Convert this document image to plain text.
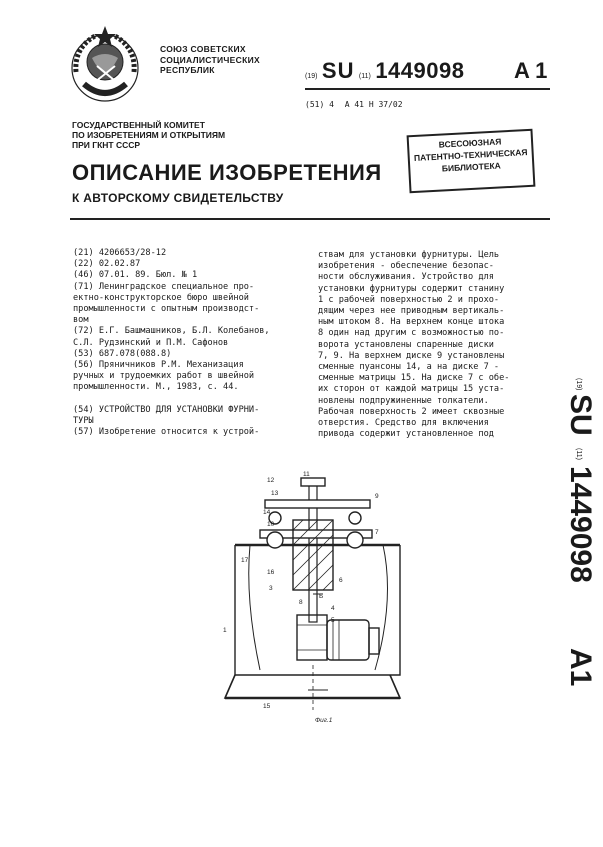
СОЮЗ СОВЕТСКИХ
СОЦИАЛИСТИЧЕСКИХ
РЕСПУБЛИК
(19) SU (11) 1449098 A 1
(51) 4 A 41 H 37/02
ГОСУДАРСТВЕННЫЙ КОМИТЕТ
ПО ИЗОБРЕТЕНИЯМ И ОТКРЫТИЯМ
ПРИ ГКНТ СССР	ВСЕСОЮЗНАЯ
ПАТЕНТНО-ТЕХНИЧЕСКАЯ
БИБЛИОТЕКА
ОПИСАНИЕ ИЗОБРЕТЕНИЯ
К АВТОРСКОМУ СВИДЕТЕЛЬСТВУ

(21) 4206653/28-12

(22) 02.02.87

(46) 07.01. 89. Бюл. № 1

(71) Ленинградское специальное про-

ектно-конструкторское бюро швейной

промышленности с опытным производст-

вом

(72) Е.Г. Башмашников, Б.Л. Колебанов,

С.Л. Рудзинский и П.М. Сафонов

(53) 687.078(088.8)

(56) Пряничников Р.М. Механизация

ручных и трудоемких работ в швейной

промышленности. М., 1983, с. 44.

(54) УСТРОЙСТВО ДЛЯ УСТАНОВКИ ФУРНИ-

ТУРЫ

(57) Изобретение относится к устрой-

ствам для установки фурнитуры. Цель

изобретения - обеспечение безопас-

ности обслуживания. Устройство для

установки фурнитуры содержит станину

1 с рабочей поверхностью 2 и прохо-

дящим через нее приводным вертикаль-

ным штоком 8. На верхнем конце штока

8 один над другим с возможностью по-

ворота установлены спаренные диски

7, 9. На верхнем диске 9 установлены

сменные пуансоны 14, а на диске 7 -

сменные матрицы 15. На диске 7 с обе-

их сторон от каждой матрицы 15 уста-

новлены подпружиненные толкатели.

Рабочая поверхность 2 имеет сквозные

отверстия. Средство для включения

привода содержит установленное под

(19)
SU
(11)
1449098
A1
12
11
13	9
14
10
7
17
16
6
3
8
4
5
1
15
Б
Фиг.1
